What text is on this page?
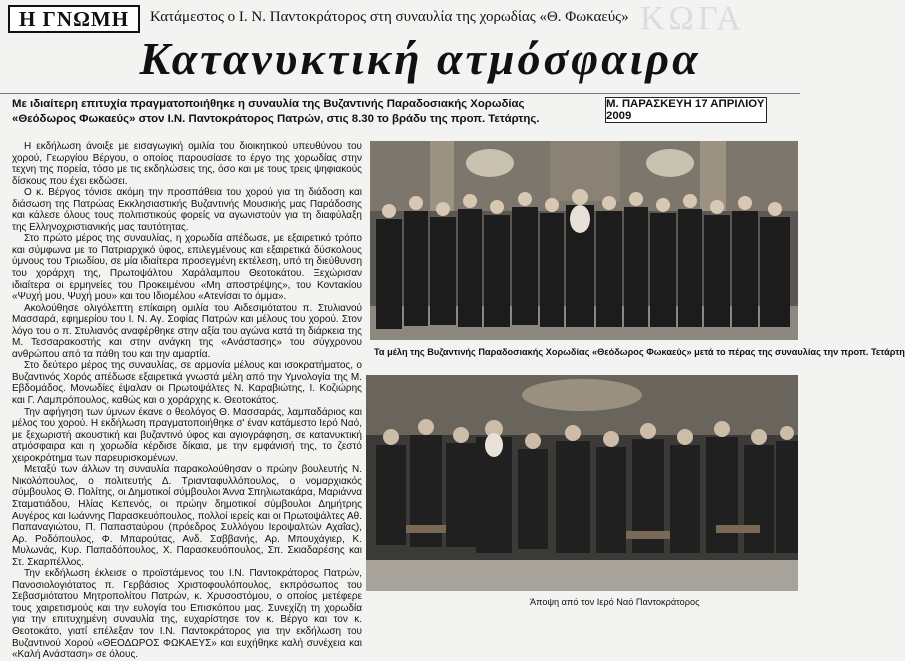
Η ΓΝΩΜΗ Κατάμεστος ο Ι. Ν. Παντοκράτορος στη συναυλία της χορωδίας «Θ. Φωκαεύς» ΚΩΓΑ
Κατανυκτική ατμόσφαιρα
Με ιδιαίτερη επιτυχία πραγματοποιήθηκε η συναυλία της Βυζαντινής Παραδοσιακής Χορωδίας «Θεόδωρος Φωκαεύς» στον Ι.Ν. Παντοκράτορος Πατρών, στις 8.30 το βράδυ της προπ. Τετάρτης.
Μ. ΠΑΡΑΣΚΕΥΗ 17 ΑΠΡΙΛΙΟΥ 2009

Η εκδήλωση άνοιξε με εισαγωγική ομιλία του διοικητικού υπευθύνου του χορού, Γεωργίου Βέργου, ο οποίος παρουσίασε το έργο της χορωδίας στην τεχνη της πορεία, τόσο με τις εκδηλώσεις της, όσο και με τους τρεις ψηφιακούς δίσκους που έχει εκδώσει.

Ο κ. Βέργος τόνισε ακόμη την προσπάθεια του χορού για τη διάδοση και διάσωση της Πατρώας Εκκλησιαστικής Βυζαντινής Μουσικής μας Παράδοσης και κάλεσε όλους τους πολιτιστικούς φορείς να αγωνιστούν για τη διαφύλαξη της Ελληνοχριστιανικής μας ταυτότητας.

Στο πρώτο μέρος της συναυλίας, η χορωδία απέδωσε, με εξαιρετικό τρόπο και σύμφωνα με το Πατριαρχικό ύφος, επιλεγμένους και εξαιρετικά δύσκολους ύμνους του Τριωδίου, σε μία ιδιαίτερα προσεγμένη εκτέλεση, υπό τη διεύθυνση του χοράρχη της, Πρωτοψάλτου Χαράλαμπου Θεοτοκάτου. Ξεχώρισαν ιδιαίτερα οι ερμηνείες του Προκειμένου «Μη αποστρέψης», του Κοντακίου «Ψυχή μου, Ψυχή μου» και του Ιδιομέλου «Ατενίσαι το όμμα».

Ακολούθησε ολιγόλεπτη επίκαιρη ομιλία του Αιδεσιμότατου π. Στυλιανού Μασσαρά, εφημερίου του Ι. Ν. Αγ. Σοφίας Πατρών και μέλους του χορού. Στον λόγο του ο π. Στυλιανός αναφέρθηκε στην αξία του αγώνα κατά τη διάρκεια της Μ. Τεσσαρακοστής και στην ανάγκη της «Ανάστασης» του σύγχρονου ανθρώπου από τα πάθη του και την αμαρτία.

Στο δεύτερο μέρος της συναυλίας, σε αρμονία μέλους και ισοκρατήματος, ο Βυζαντινός Χορός απέδωσε εξαιρετικά γνωστά μέλη από την Υμνολογία της Μ. Εβδομάδος. Μονωδίες έψαλαν οι Πρωτοψάλτες Ν. Καραβιώτης, Ι. Κοζιώρης και Γ. Λαμπρόπουλος, καθώς και ο χοράρχης κ. Θεοτοκάτος.

Την αφήγηση των ύμνων έκανε ο θεολόγος Θ. Μασσαράς, λαμπαδάριος και μέλος του χορού. Η εκδήλωση πραγματοποιήθηκε σ' έναν κατάμεστο Ιερό Ναό, με ξεχωριστή ακουστική και βυζαντινό ύφος και αγιογράφηση, σε κατανυκτική ατμόσφαιρα και η χορωδία κέρδισε δίκαια, με την εμφάνισή της, το ζεστό χειροκρότημα των παρευρισκομένων.

Μεταξύ των άλλων τη συναυλία παρακολούθησαν ο πρώην βουλευτής Ν. Νικολόπουλος, ο πολιτευτής Δ. Τριανταφυλλόπουλος, ο νομαρχιακός σύμβουλος Θ. Πολίτης, οι Δημοτικοί σύμβουλοι Άννα Σπηλιωτακάρα, Μαριάννα Σταματιάδου, Ηλίας Κεπενός, οι πρώην δημοτικοί σύμβουλοι Δημήτρης Αυγέρος και Ιωάννης Παρασκευόπουλος, πολλοί ιερείς και οι Πρωτοψάλτες Αθ. Παπαναγιώτου, Π. Παπασταύρου (πρόεδρος Συλλόγου Ιεροψαλτών Αχαΐας), Αρ. Ροδόπουλος, Φ. Μπαρούτας, Ανδ. Σαββανής, Αρ. Μπουχάγιερ, Κ. Μυλωνάς, Κυρ. Παπαδόπουλος, Χ. Παρασκευόπουλος, Σπ. Σκιαδαρέσης και Στ. Σκαρπέλλος.

Την εκδήλωση έκλεισε ο προϊστάμενος του Ι.Ν. Παντοκράτορος Πατρών, Πανοσιολογιότατος π. Γερβάσιος Χριστοφουλόπουλος, εκπρόσωπος του Σεβασμιότατου Μητροπολίτου Πατρών, κ. Χρυσοστόμου, ο οποίος μετέφερε τους χαιρετισμούς και την ευλογία του Επισκόπου μας. Συνεχίζη τη χορωδία για την επιτυχημένη συναυλία της, ευχαρίστησε τον κ. Βέργο και τον κ. Θεοτοκάτο, γιατί επέλεξαν τον Ι.Ν. Παντοκράτορος για την εκδήλωση του Βυζαντινού Χορού «ΘΕΟΔΩΡΟΣ ΦΩΚΑΕΥΣ» και ευχήθηκε καλή συνέχεια και «Καλή Ανάσταση» σε όλους.

Τα μέλη της Βυζαντινής Παραδοσιακής Χορωδίας «Θεόδωρος Φωκαεύς» μετά το πέρας της συναυλίας την προπ. Τετάρτη
Άποψη από τον Ιερό Ναό Παντοκράτορος
